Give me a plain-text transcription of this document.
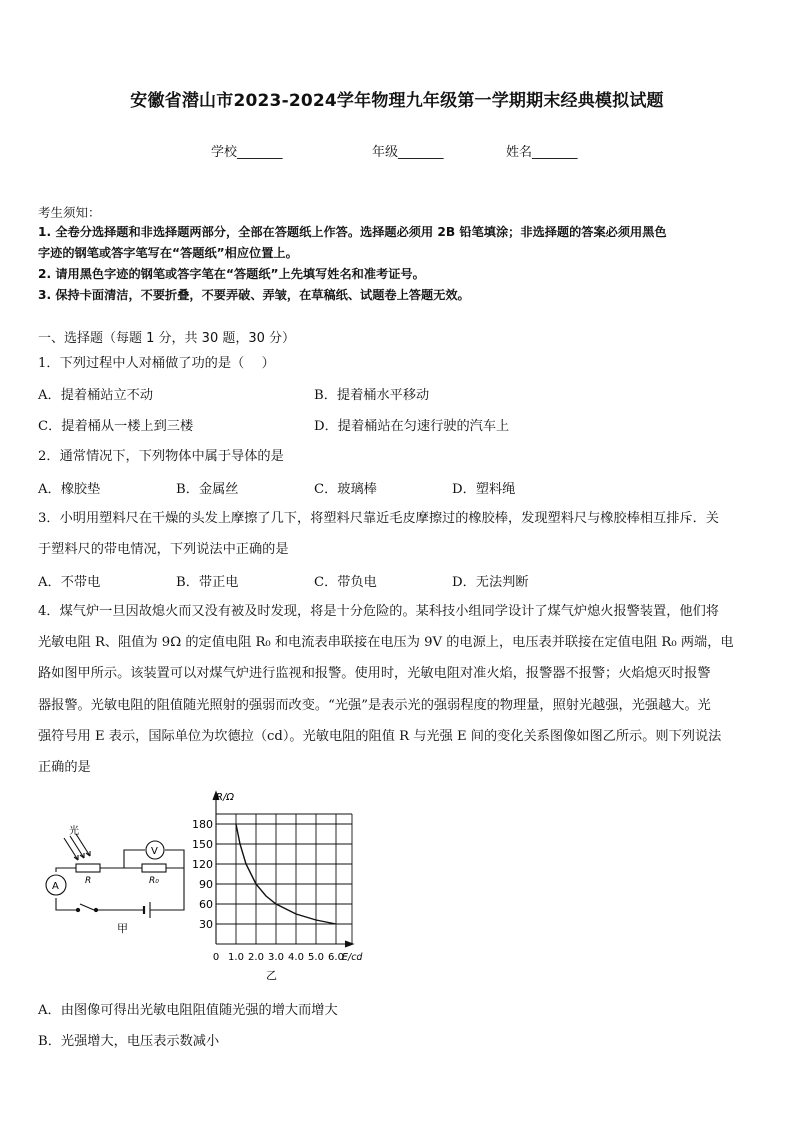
安徽省潜山市2023-2024学年物理九年级第一学期期末经典模拟试题
学校_______	年级_______	姓名_______
考生须知：
1. 全卷分选择题和非选择题两部分，全部在答题纸上作答。选择题必须用 2B 铅笔填涂；非选择题的答案必须用黑色
字迹的钢笔或答字笔写在“答题纸”相应位置上。
2. 请用黑色字迹的钢笔或答字笔在“答题纸”上先填写姓名和准考证号。
3. 保持卡面清洁，不要折叠，不要弄破、弄皱，在草稿纸、试题卷上答题无效。
一、选择题（每题 1 分，共 30 题，30 分）
1．下列过程中人对桶做了功的是（　 ）
A．提着桶站立不动	B．提着桶水平移动
C．提着桶从一楼上到三楼	D．提着桶站在匀速行驶的汽车上
2．通常情况下，下列物体中属于导体的是
A．橡胶垫	B．金属丝	C．玻璃棒	D．塑料绳
3．小明用塑料尺在干燥的头发上摩擦了几下，将塑料尺靠近毛皮摩擦过的橡胶棒，发现塑料尺与橡胶棒相互排斥．关
于塑料尺的带电情况，下列说法中正确的是
A．不带电	B．带正电	C．带负电	D．无法判断
4．煤气炉一旦因故熄火而又没有被及时发现，将是十分危险的。某科技小组同学设计了煤气炉熄火报警装置，他们将
光敏电阻 R、阻值为 9Ω 的定值电阻 R₀ 和电流表串联接在电压为 9V 的电源上，电压表并联接在定值电阻 R₀ 两端，电
路如图甲所示。该装置可以对煤气炉进行监视和报警。使用时，光敏电阻对准火焰，报警器不报警；火焰熄灭时报警
器报警。光敏电阻的阻值随光照射的强弱而改变。“光强”是表示光的强弱程度的物理量，照射光越强，光强越大。光
强符号用 E 表示，国际单位为坎德拉（cd）。光敏电阻的阻值 R 与光强 E 间的变化关系图像如图乙所示。则下列说法
正确的是
光
R	R₀
A
V
甲	30
60
90
120
150
180
0 1.0 2.0 3.0 4.0 5.0 6.0
R/Ω
E/cd
乙
A．由图像可得出光敏电阻阻值随光强的增大而增大
B．光强增大，电压表示数减小
